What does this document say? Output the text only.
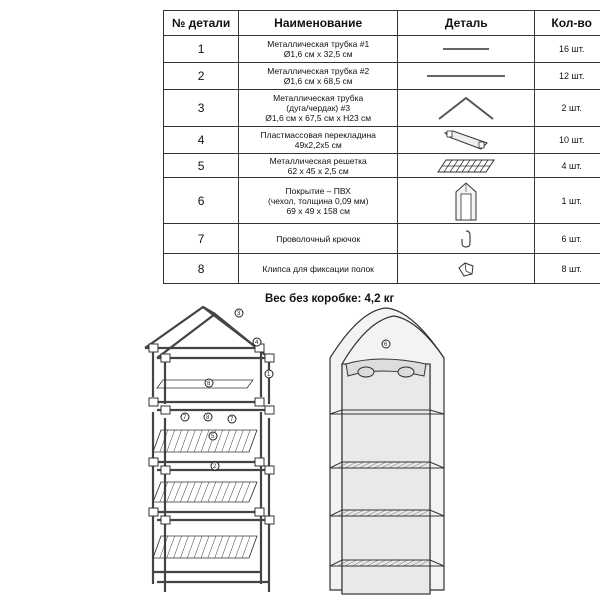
№ детали	Наименование	Деталь	Кол-во
1	Металлическая трубка #1
Ø1,6 см x 32,5 см		16 шт.
2	Металлическая трубка #2
Ø1,6 см x 68,5 см		12 шт.
3	Металлическая трубка
(дуга/чердак) #3
Ø1,6 см x 67,5 см x H23 см		2 шт.
4	Пластмассовая перекладина
49x2,2x5 см		10 шт.
5	Металлическая решетка
62 x 45 x 2,5 см		4 шт.
6	Покрытие – ПВХ
(чехол, толщина 0,09 мм)
69 x 49 x 158 см		1 шт.
7	Проволочный крючок		6 шт.
8	Клипса для фиксации полок		8 шт.
Вес без коробке: 4,2 кг
3
4
1
8
7	8	7
5
2
6
